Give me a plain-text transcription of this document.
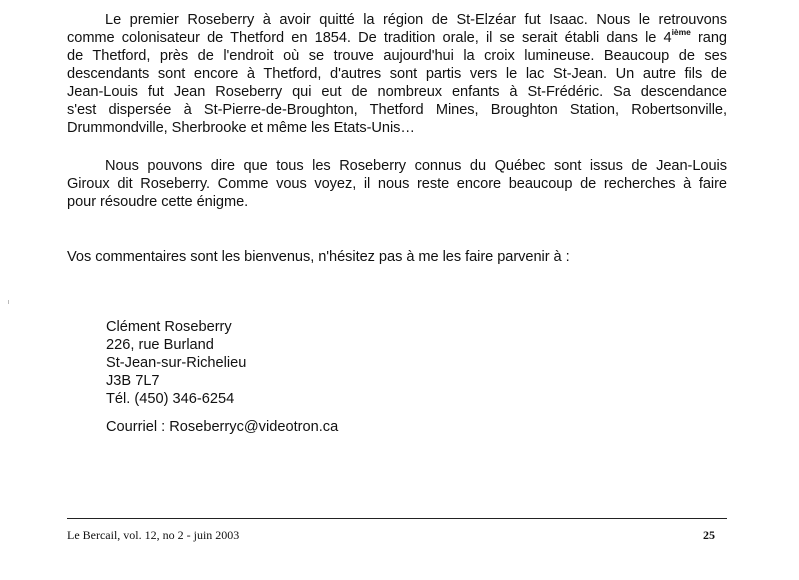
Le premier Roseberry à avoir quitté la région de St-Elzéar fut Isaac. Nous le retrouvons
comme colonisateur de Thetford en 1854. De tradition orale, il se serait établi dans le 4ième rang
de Thetford, près de l'endroit où se trouve aujourd'hui la croix lumineuse. Beaucoup de ses
descendants sont encore à Thetford, d'autres sont partis vers le lac St-Jean. Un autre fils de
Jean-Louis fut Jean Roseberry qui eut de nombreux enfants à St-Frédéric. Sa descendance
s'est dispersée à St-Pierre-de-Broughton, Thetford Mines, Broughton Station, Robertsonville,
Drummondville, Sherbrooke et même les Etats-Unis…
Nous pouvons dire que tous les Roseberry connus du Québec sont issus de Jean-Louis
Giroux dit Roseberry. Comme vous voyez, il nous reste encore beaucoup de recherches à faire
pour résoudre cette énigme.
Vos commentaires sont les bienvenus, n'hésitez pas à me les faire parvenir à :
Clément Roseberry
226, rue Burland
St-Jean-sur-Richelieu
J3B 7L7
Tél. (450) 346-6254
Courriel : Roseberryc@videotron.ca
Le Bercail, vol. 12, no 2 - juin 2003	25
